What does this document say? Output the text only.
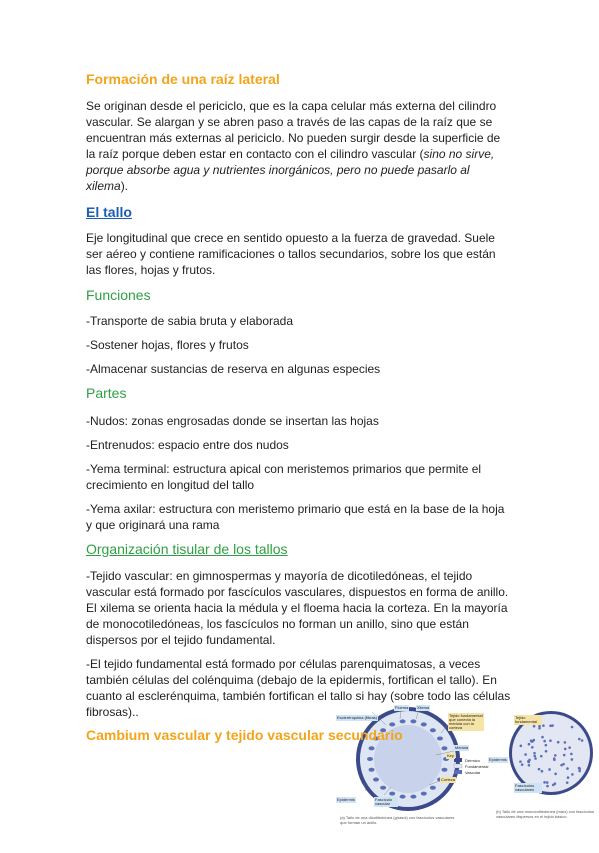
Formación de una raíz lateral
Se originan desde el periciclo, que es la capa celular más externa del cilindro
vascular. Se alargan y se abren paso a través de las capas de la raíz que se
encuentran más externas al periciclo. No pueden surgir desde la superficie de
la raíz porque deben estar en contacto con el cilindro vascular (sino no sirve,
porque absorbe agua y nutrientes inorgánicos, pero no puede pasarlo al
xilema).
El tallo
Eje longitudinal que crece en sentido opuesto a la fuerza de gravedad. Suele
ser aéreo y contiene ramificaciones o tallos secundarios, sobre los que están
las flores, hojas y frutos.
Funciones
-Transporte de sabia bruta y elaborada
-Sostener hojas, flores y frutos
-Almacenar sustancias de reserva en algunas especies
Partes
-Nudos: zonas engrosadas donde se insertan las hojas
-Entrenudos: espacio entre dos nudos
-Yema terminal: estructura apical con meristemos primarios que permite el
crecimiento en longitud del tallo
-Yema axilar: estructura con meristemo primario que está en la base de la hoja
y que originará una rama
Organización tisular de los tallos
-Tejido vascular: en gimnospermas y mayoría de dicotiledóneas, el tejido
vascular está formado por fascículos vasculares, dispuestos en forma de anillo.
El xilema se orienta hacia la médula y el floema hacia la corteza. En la mayoría
de monocotiledóneas, los fascículos no forman un anillo, sino que están
dispersos por el tejido fundamental.
-El tejido fundamental está formado por células parenquimatosas, a veces
también células del colénquima (debajo de la epidermis, fortifican el tallo). En
cuanto al esclerénquima, también fortifican el tallo si hay (sobre todo las células
fibrosas)..	Esclerénquima (fibras)
Floema Xilema
Tejido fundamental que conecta la médula con la corteza
Tejido fundamental
Médula
Epidermis
Corteza
Fascículo vascular
Epidermis
Fascículos vasculares
Key
Dérmico
Fundamental
Vascular
(a) Tallo de una dicotiledónea (girasol) con fascículos vasculares que forman un anillo.
(b) Tallo de una monocotiledónea (maíz) con fascículos vasculares dispersos en el tejido básico.
Cambium vascular y tejido vascular secundario
